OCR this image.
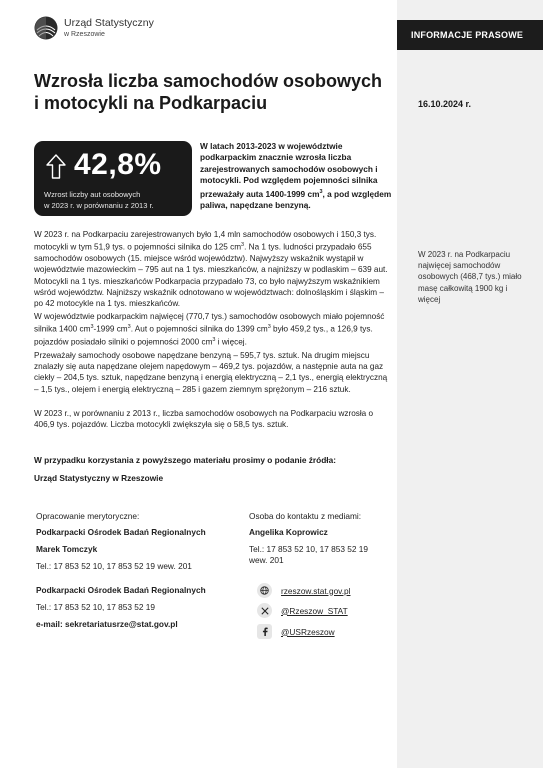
INFORMACJE PRASOWE
Urząd Statystyczny
w Rzeszowie
Wzrosła liczba samochodów osobowych i motocykli na Podkarpaciu	16.10.2024 r.
42,8%
Wzrost liczby aut osobowych
w 2023 r. w porównaniu z 2013 r.
W latach 2013-2023 w województwie podkarpackim znacznie wzrosła liczba zarejestrowanych samochodów osobowych i motocykli. Pod względem pojemności silnika przeważały auta 1400-1999 $cm^3$, a pod względem paliwa, napędzane benzyną.
W 2023 r. na Podkarpaciu zarejestrowanych było 1,4 mln samochodów osobowych i 150,3 tys. motocykli w tym 51,9 tys. o pojemności silnika do 125 $cm^3$. Na 1 tys. ludności przypadało 655 samochodów osobowych (15. miejsce wśród województw). Najwyższy wskaźnik wystąpił w województwie mazowieckim – 795 aut na 1 tys. mieszkańców, a najniższy w podlaskim – 639 aut. Motocykli na 1 tys. mieszkańców Podkarpacia przypadało 73, co było najwyższym wskaźnikiem wśród województw. Najniższy wskaźnik odnotowano w województwach: dolnośląskim i śląskim – po 42 motocykle na 1 tys. mieszkańców.
W województwie podkarpackim najwięcej (770,7 tys.) samochodów osobowych miało pojemność silnika 1400 $cm^3-1999$ $cm^3$. Aut o pojemności silnika do 1399 $cm^3$ było 459,2 tys., a 126,9 tys. pojazdów posiadało silniki o pojemności 2000 $cm^3$ i więcej.
Przeważały samochody osobowe napędzane benzyną – 595,7 tys. sztuk. Na drugim miejscu znalazły się auta napędzane olejem napędowym – 469,2 tys. pojazdów, a następnie auta na gaz ciekły – 204,5 tys. sztuk, napędzane benzyną i energią elektryczną – 2,1 tys., energią elektryczną – 1,5 tys., olejem i energią elektryczną – 285 i gazem ziemnym sprężonym – 216 sztuk.
W 2023 r., w porównaniu z 2013 r., liczba samochodów osobowych na Podkarpaciu wzrosła o 406,9 tys. pojazdów. Liczba motocykli zwiększyła się o 58,5 tys. sztuk.
W 2023 r. na Podkarpaciu najwięcej samochodów osobowych (468,7 tys.) miało masę całkowitą 1900 kg i więcej
W przypadku korzystania z powyższego materiału prosimy o podanie źródła:
Urząd Statystyczny w Rzeszowie
Opracowanie merytoryczne:
Podkarpacki Ośrodek Badań Regionalnych
Marek Tomczyk
Tel.: 17 853 52 10, 17 853 52 19 wew. 201
Podkarpacki Ośrodek Badań Regionalnych
Tel.: 17 853 52 10, 17 853 52 19
e-mail: sekretariatusrze@stat.gov.pl
Osoba do kontaktu z mediami:
Angelika Koprowicz
Tel.: 17 853 52 10, 17 853 52 19
wew. 201
rzeszow.stat.gov.pl
@Rzeszow_STAT
@USRzeszow
